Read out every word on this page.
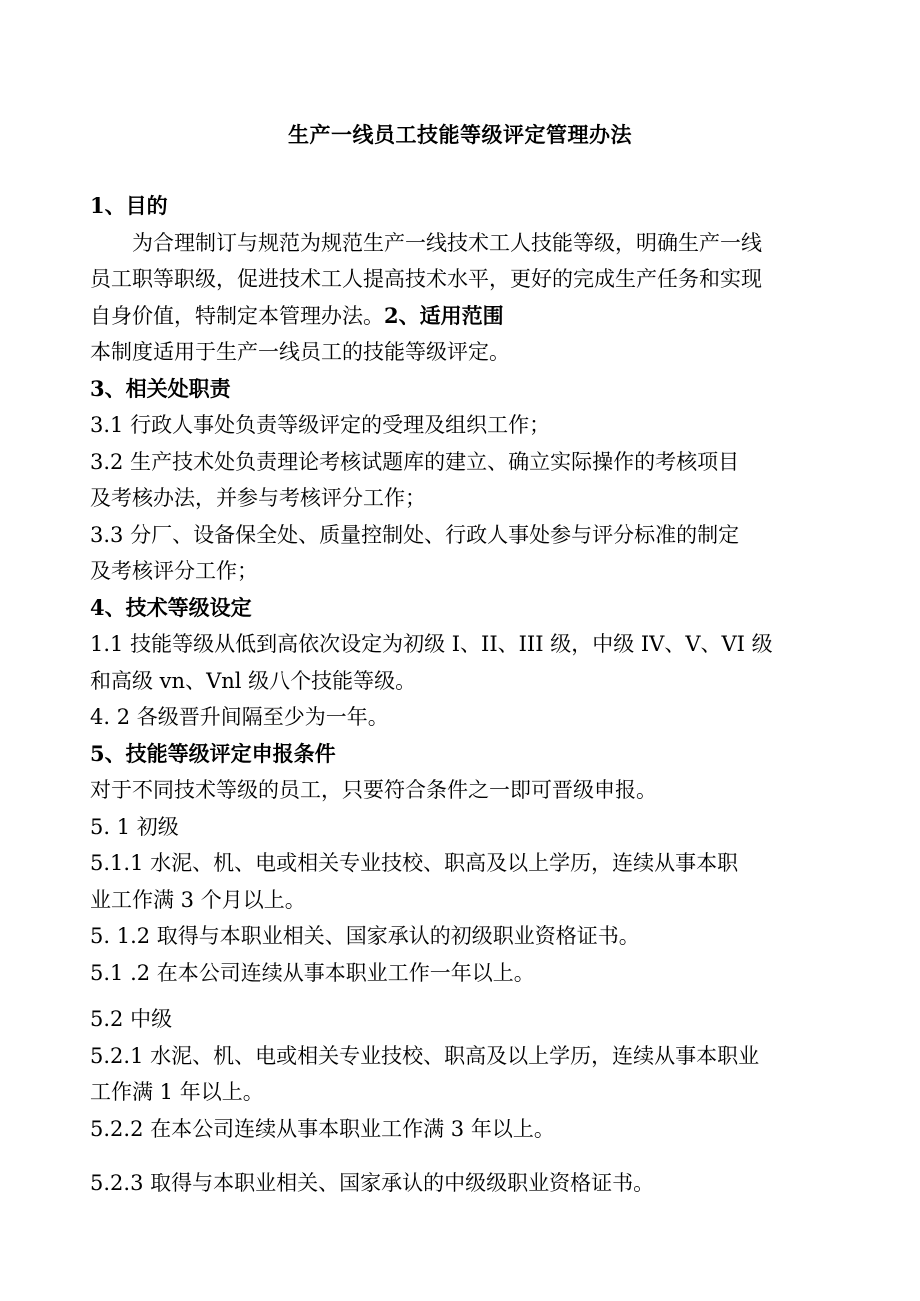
生产一线员工技能等级评定管理办法
1、目的
为合理制订与规范为规范生产一线技术工人技能等级，明确生产一线
员工职等职级，促进技术工人提高技术水平，更好的完成生产任务和实现
自身价值，特制定本管理办法。2、适用范围
本制度适用于生产一线员工的技能等级评定。
3、相关处职责
3.1 行政人事处负责等级评定的受理及组织工作；
3.2 生产技术处负责理论考核试题库的建立、确立实际操作的考核项目
及考核办法，并参与考核评分工作；
3.3 分厂、设备保全处、质量控制处、行政人事处参与评分标准的制定
及考核评分工作；
4、技术等级设定
1.1 技能等级从低到高依次设定为初级 I、II、III 级，中级 IV、V、VI 级
和高级 vn、Vnl 级八个技能等级。
4. 2 各级晋升间隔至少为一年。
5、技能等级评定申报条件
对于不同技术等级的员工，只要符合条件之一即可晋级申报。
5. 1 初级
5.1.1 水泥、机、电或相关专业技校、职高及以上学历，连续从事本职
业工作满 3 个月以上。
5. 1.2 取得与本职业相关、国家承认的初级职业资格证书。
5.1 .2 在本公司连续从事本职业工作一年以上。
5.2 中级
5.2.1 水泥、机、电或相关专业技校、职高及以上学历，连续从事本职业
工作满 1 年以上。
5.2.2 在本公司连续从事本职业工作满 3 年以上。
5.2.3 取得与本职业相关、国家承认的中级级职业资格证书。
